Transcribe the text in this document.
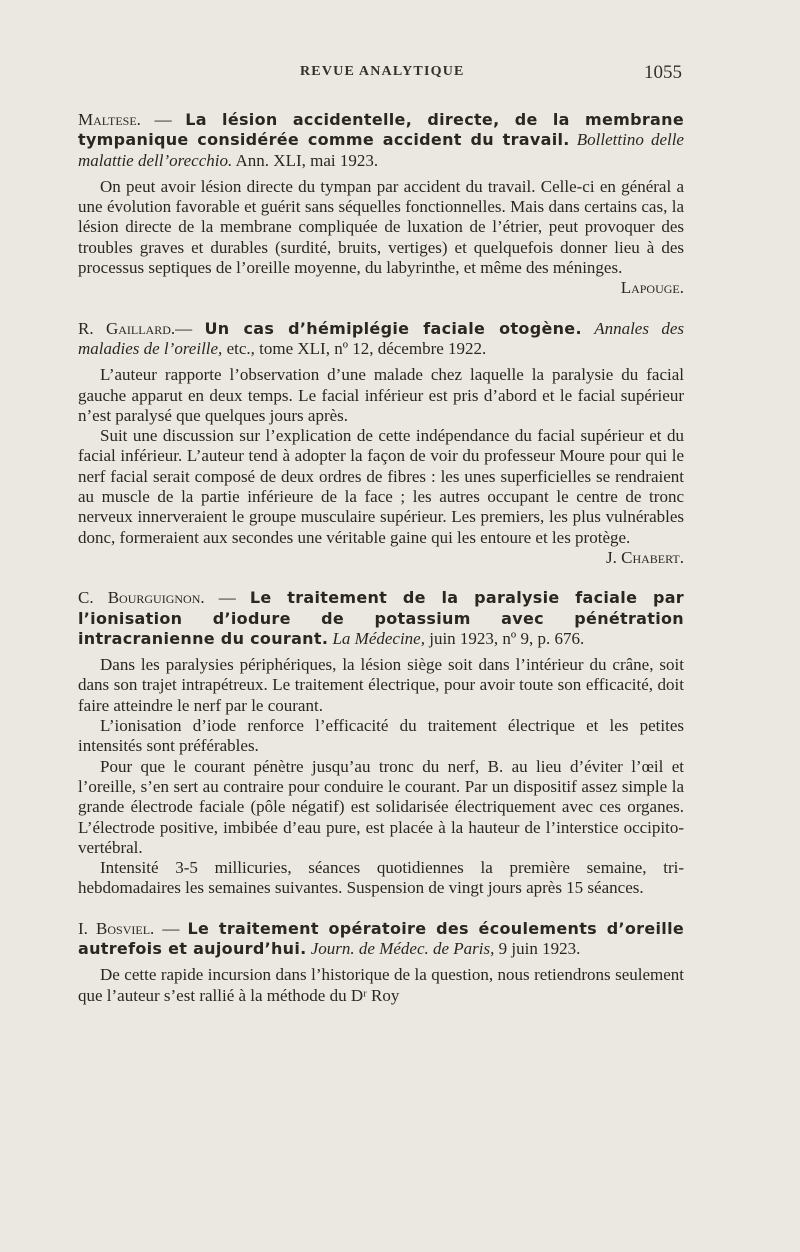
REVUE ANALYTIQUE	1055

Maltese. — La lésion accidentelle, directe, de la membrane tympanique considérée comme accident du travail. Bollettino delle malattie dell’orecchio. Ann. XLI, mai 1923.

On peut avoir lésion directe du tympan par accident du travail. Celle-ci en général a une évolution favorable et guérit sans séquelles fonctionnelles. Mais dans certains cas, la lésion directe de la membrane compliquée de luxation de l’étrier, peut provoquer des troubles graves et durables (surdité, bruits, vertiges) et quelquefois donner lieu à des processus septiques de l’oreille moyenne, du labyrinthe, et même des méninges.
Lapouge.

R. Gaillard.— Un cas d’hémiplégie faciale otogène. Annales des maladies de l’oreille, etc., tome XLI, nº 12, décembre 1922.

L’auteur rapporte l’observation d’une malade chez laquelle la paralysie du facial gauche apparut en deux temps. Le facial inférieur est pris d’abord et le facial supérieur n’est paralysé que quelques jours après.

Suit une discussion sur l’explication de cette indépendance du facial supérieur et du facial inférieur. L’auteur tend à adopter la façon de voir du professeur Moure pour qui le nerf facial serait composé de deux ordres de fibres : les unes superficielles se rendraient au muscle de la partie inférieure de la face ; les autres occupant le centre de tronc nerveux innerveraient le groupe musculaire supérieur. Les premiers, les plus vulnérables donc, formeraient aux secondes une véritable gaine qui les entoure et les protège.
J. Chabert.

C. Bourguignon. — Le traitement de la paralysie faciale par l’ionisation d’iodure de potassium avec pénétration intracranienne du courant. La Médecine, juin 1923, nº 9, p. 676.

Dans les paralysies périphériques, la lésion siège soit dans l’intérieur du crâne, soit dans son trajet intrapétreux. Le traitement électrique, pour avoir toute son efficacité, doit faire atteindre le nerf par le courant.

L’ionisation d’iode renforce l’efficacité du traitement électrique et les petites intensités sont préférables.

Pour que le courant pénètre jusqu’au tronc du nerf, B. au lieu d’éviter l’œil et l’oreille, s’en sert au contraire pour conduire le courant. Par un dispositif assez simple la grande électrode faciale (pôle négatif) est solidarisée électriquement avec ces organes. L’électrode positive, imbibée d’eau pure, est placée à la hauteur de l’interstice occipito-vertébral.

Intensité 3-5 millicuries, séances quotidiennes la première semaine, tri-hebdomadaires les semaines suivantes. Suspension de vingt jours après 15 séances.

I. Bosviel. — Le traitement opératoire des écoulements d’oreille autrefois et aujourd’hui. Journ. de Médec. de Paris, 9 juin 1923.

De cette rapide incursion dans l’historique de la question, nous retiendrons seulement que l’auteur s’est rallié à la méthode du Dʳ Roy
